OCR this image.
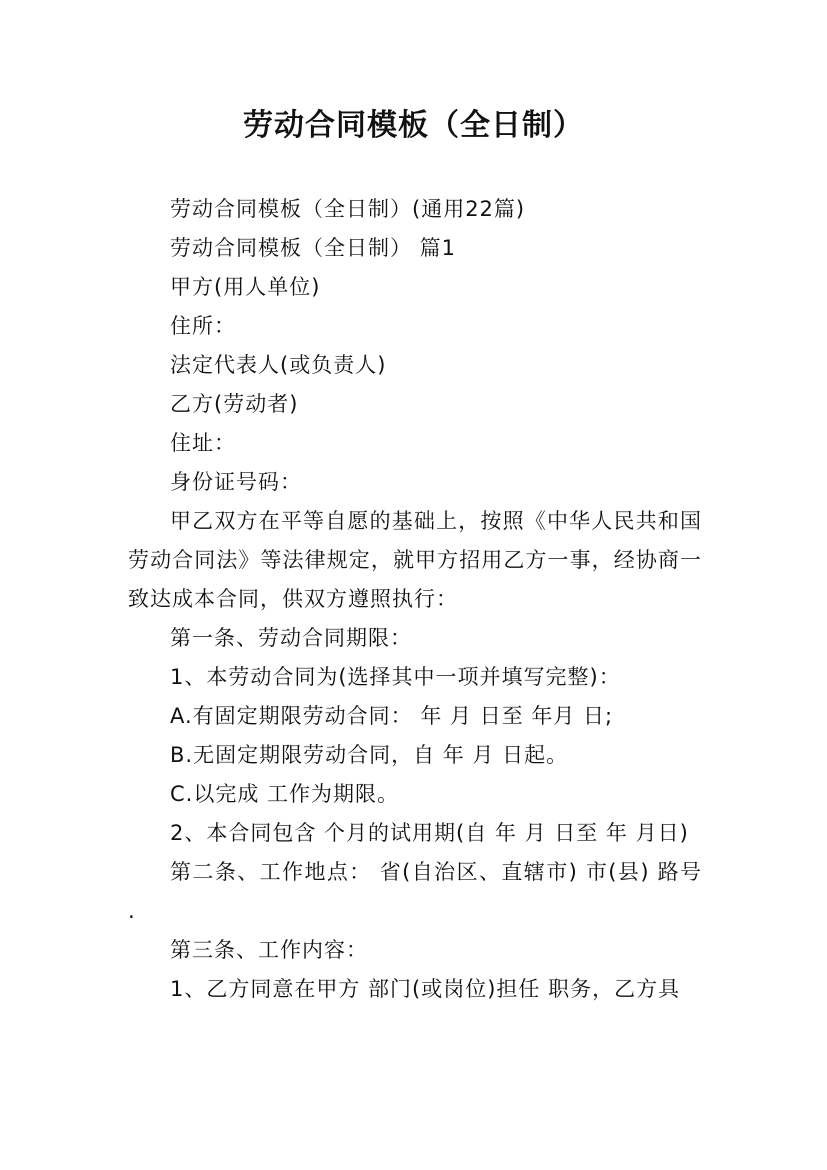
劳动合同模板（全日制）

劳动合同模板（全日制）(通用22篇)

劳动合同模板（全日制） 篇1

甲方(用人单位)

住所：

法定代表人(或负责人)

乙方(劳动者)

住址：

身份证号码：

甲乙双方在平等自愿的基础上，按照《中华人民共和国劳动合同法》等法律规定，就甲方招用乙方一事，经协商一致达成本合同，供双方遵照执行：

第一条、劳动合同期限：

1、本劳动合同为(选择其中一项并填写完整)：

A.有固定期限劳动合同： 年 月 日至 年月 日;

B.无固定期限劳动合同，自 年 月 日起。

C.以完成 工作为期限。

2、本合同包含 个月的试用期(自 年 月 日至 年 月日)

第二条、工作地点： 省(自治区、直辖市) 市(县) 路号 .

第三条、工作内容：

1、乙方同意在甲方 部门(或岗位)担任 职务，乙方具
